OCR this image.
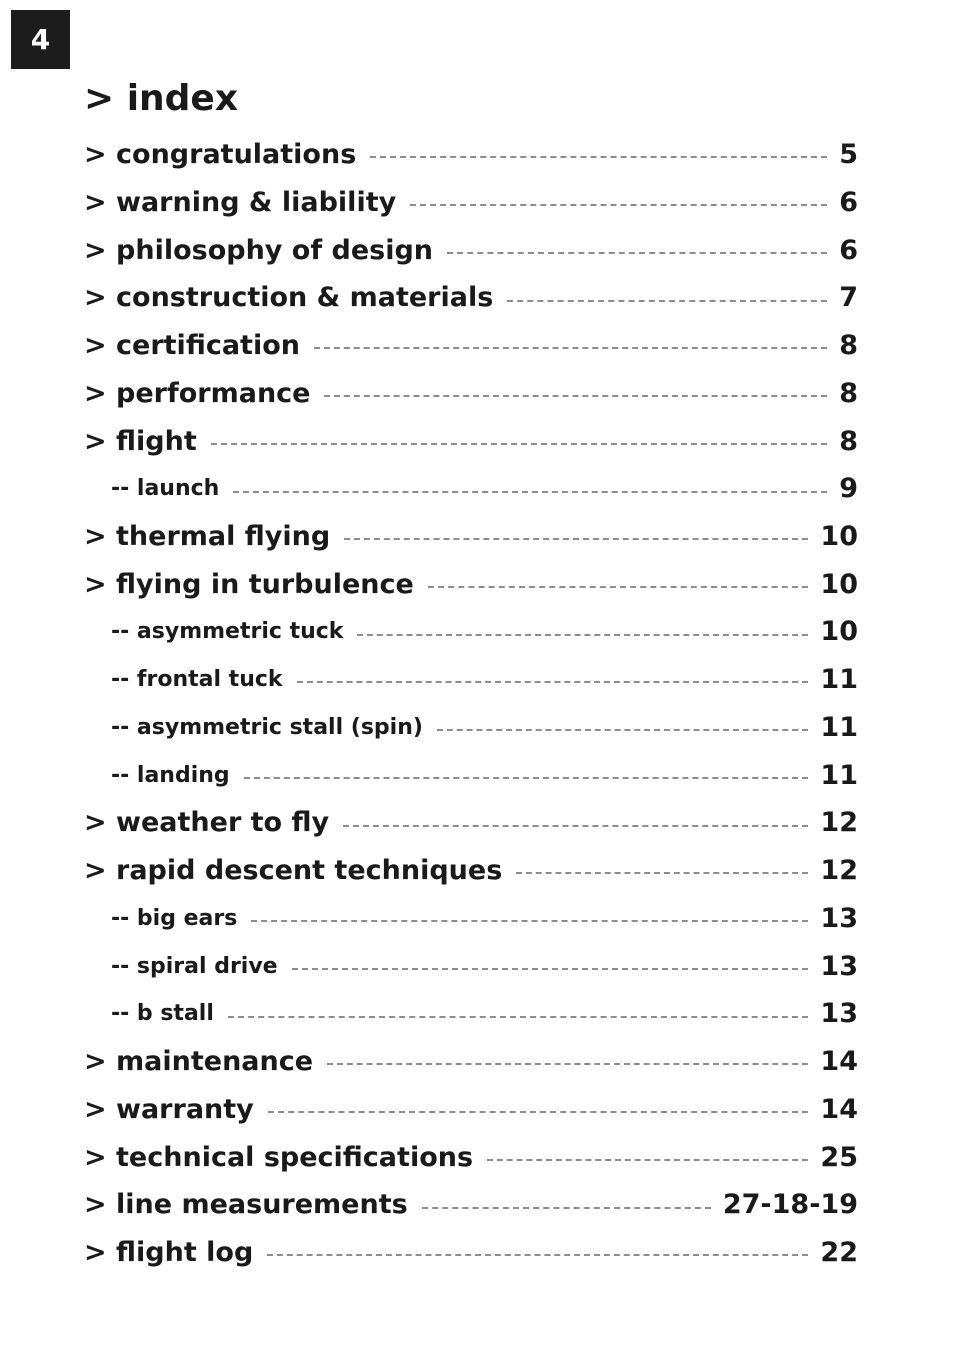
4
> index
> congratulations	5
> warning & liability	6
> philosophy of design	6
> construction & materials	7
> certification	8
> performance	8
> flight	8
-- launch	9
> thermal flying	10
> flying in turbulence	10
-- asymmetric tuck	10
-- frontal tuck	11
-- asymmetric stall (spin)	11
-- landing	11
> weather to fly	12
> rapid descent techniques	12
-- big ears	13
-- spiral drive	13
-- b stall	13
> maintenance	14
> warranty	14
> technical specifications	25
> line measurements	27-18-19
> flight log	22
